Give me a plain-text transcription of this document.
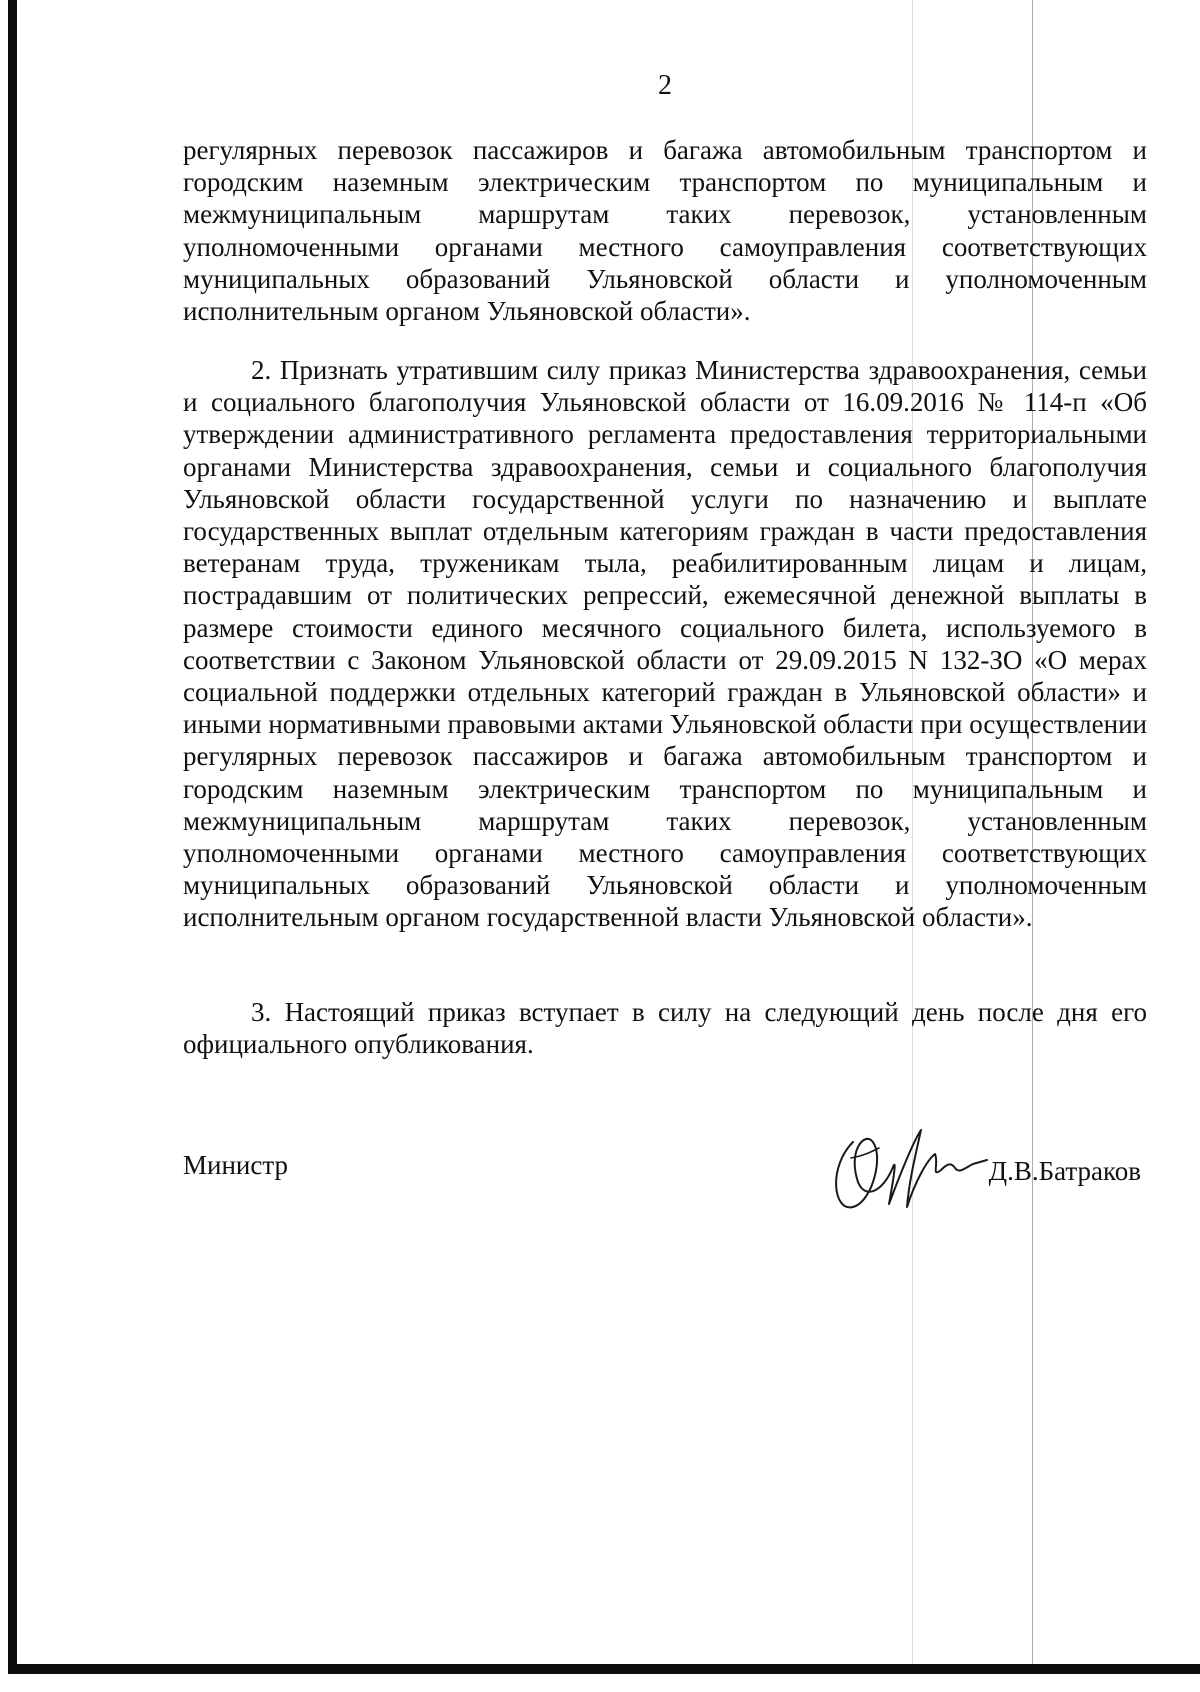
2

регулярных перевозок пассажиров и багажа автомобильным транспортом и городским наземным электрическим транспортом по муниципальным и межмуниципальным маршрутам таких перевозок, установленным уполномоченными органами местного самоуправления соответствующих муниципальных образований Ульяновской области и уполномоченным исполнительным органом Ульяновской области».

2. Признать утратившим силу приказ Министерства здравоохранения, семьи и социального благополучия Ульяновской области от 16.09.2016 № 114-п «Об утверждении административного регламента предоставления территориальными органами Министерства здравоохранения, семьи и социального благополучия Ульяновской области государственной услуги по назначению и выплате государственных выплат отдельным категориям граждан в части предоставления ветеранам труда, труженикам тыла, реабилитированным лицам и лицам, пострадавшим от политических репрессий, ежемесячной денежной выплаты в размере стоимости единого месячного социального билета, используемого в соответствии с Законом Ульяновской области от 29.09.2015 N 132-ЗО «О мерах социальной поддержки отдельных категорий граждан в Ульяновской области» и иными нормативными правовыми актами Ульяновской области при осуществлении регулярных перевозок пассажиров и багажа автомобильным транспортом и городским наземным электрическим транспортом по муниципальным и межмуниципальным маршрутам таких перевозок, установленным уполномоченными органами местного самоуправления соответствующих муниципальных образований Ульяновской области и уполномоченным исполнительным органом государственной власти Ульяновской области».

3. Настоящий приказ вступает в силу на следующий день после дня его официального опубликования.

Министр	Д.В.Батраков
